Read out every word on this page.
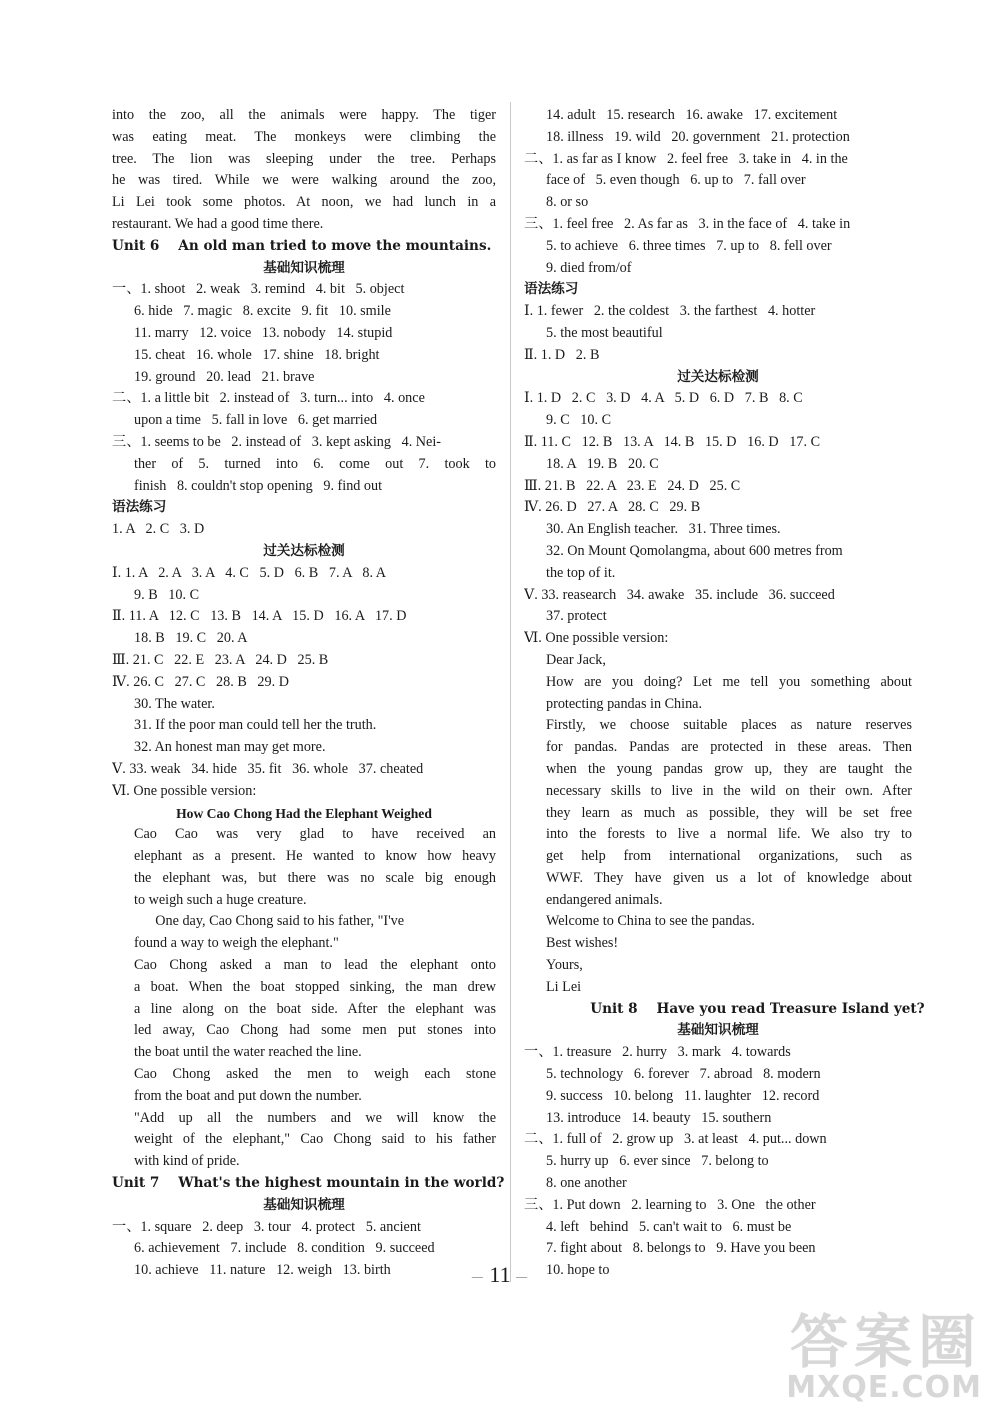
into the zoo, all the animals were happy. The tiger
was eating meat. The monkeys were climbing the
tree. The lion was sleeping under the tree. Perhaps
he was tired. While we were walking around the zoo,
Li Lei took some photos. At noon, we had lunch in a
restaurant. We had a good time there.
Unit 6    An old man tried to move the mountains.
基础知识梳理
一、1. shoot   2. weak   3. remind   4. bit   5. object
6. hide   7. magic   8. excite   9. fit   10. smile
11. marry   12. voice   13. nobody   14. stupid
15. cheat   16. whole   17. shine   18. bright
19. ground   20. lead   21. brave
二、1. a little bit   2. instead of   3. turn... into   4. once
upon a time   5. fall in love   6. get married
三、1. seems to be   2. instead of   3. kept asking   4. Nei-
ther of 5. turned into 6. come out 7. took to
finish   8. couldn't stop opening   9. find out
语法练习
1. A   2. C   3. D
过关达标检测
Ⅰ. 1. A   2. A   3. A   4. C   5. D   6. B   7. A   8. A
9. B   10. C
Ⅱ. 11. A   12. C   13. B   14. A   15. D   16. A   17. D
18. B   19. C   20. A
Ⅲ. 21. C   22. E   23. A   24. D   25. B
Ⅳ. 26. C   27. C   28. B   29. D
30. The water.
31. If the poor man could tell her the truth.
32. An honest man may get more.
Ⅴ. 33. weak   34. hide   35. fit   36. whole   37. cheated
Ⅵ. One possible version:
How Cao Chong Had the Elephant Weighed
Cao Cao was very glad to have received an
elephant as a present. He wanted to know how heavy
the elephant was, but there was no scale big enough
to weigh such a huge creature.
One day, Cao Chong said to his father, "I've
found a way to weigh the elephant."
Cao Chong asked a man to lead the elephant onto
a boat. When the boat stopped sinking, the man drew
a line along on the boat side. After the elephant was
led away, Cao Chong had some men put stones into
the boat until the water reached the line.
Cao Chong asked the men to weigh each stone
from the boat and put down the number.
"Add up all the numbers and we will know the
weight of the elephant," Cao Chong said to his father
with kind of pride.
Unit 7    What's the highest mountain in the world?
基础知识梳理
一、1. square   2. deep   3. tour   4. protect   5. ancient
6. achievement   7. include   8. condition   9. succeed
10. achieve   11. nature   12. weigh   13. birth
14. adult   15. research   16. awake   17. excitement
18. illness   19. wild   20. government   21. protection
二、1. as far as I know   2. feel free   3. take in   4. in the
face of   5. even though   6. up to   7. fall over
8. or so
三、1. feel free   2. As far as   3. in the face of   4. take in
5. to achieve   6. three times   7. up to   8. fell over
9. died from/of
语法练习
Ⅰ. 1. fewer   2. the coldest   3. the farthest   4. hotter
5. the most beautiful
Ⅱ. 1. D   2. B
过关达标检测
Ⅰ. 1. D   2. C   3. D   4. A   5. D   6. D   7. B   8. C
9. C   10. C
Ⅱ. 11. C   12. B   13. A   14. B   15. D   16. D   17. C
18. A   19. B   20. C
Ⅲ. 21. B   22. A   23. E   24. D   25. C
Ⅳ. 26. D   27. A   28. C   29. B
30. An English teacher.   31. Three times.
32. On Mount Qomolangma, about 600 metres from
the top of it.
Ⅴ. 33. reasearch   34. awake   35. include   36. succeed
37. protect
Ⅵ. One possible version:
Dear Jack,
How are you doing? Let me tell you something about
protecting pandas in China.
Firstly, we choose suitable places as nature reserves
for pandas. Pandas are protected in these areas. Then
when the young pandas grow up, they are taught the
necessary skills to live in the wild on their own. After
they learn as much as possible, they will be set free
into the forests to live a normal life. We also try to
get help from international organizations, such as
WWF. They have given us a lot of knowledge about
endangered animals.
Welcome to China to see the pandas.
Best wishes!
Yours,
Li Lei
Unit 8    Have you read Treasure Island yet?
基础知识梳理
一、1. treasure   2. hurry   3. mark   4. towards
5. technology   6. forever   7. abroad   8. modern
9. success   10. belong   11. laughter   12. record
13. introduce   14. beauty   15. southern
二、1. full of   2. grow up   3. at least   4. put... down
5. hurry up   6. ever since   7. belong to
8. one another
三、1. Put down   2. learning to   3. One   the other
4. left   behind   5. can't wait to   6. must be
7. fight about   8. belongs to   9. Have you been
10. hope to
— 11 —
答案圈
MXQE.COM
